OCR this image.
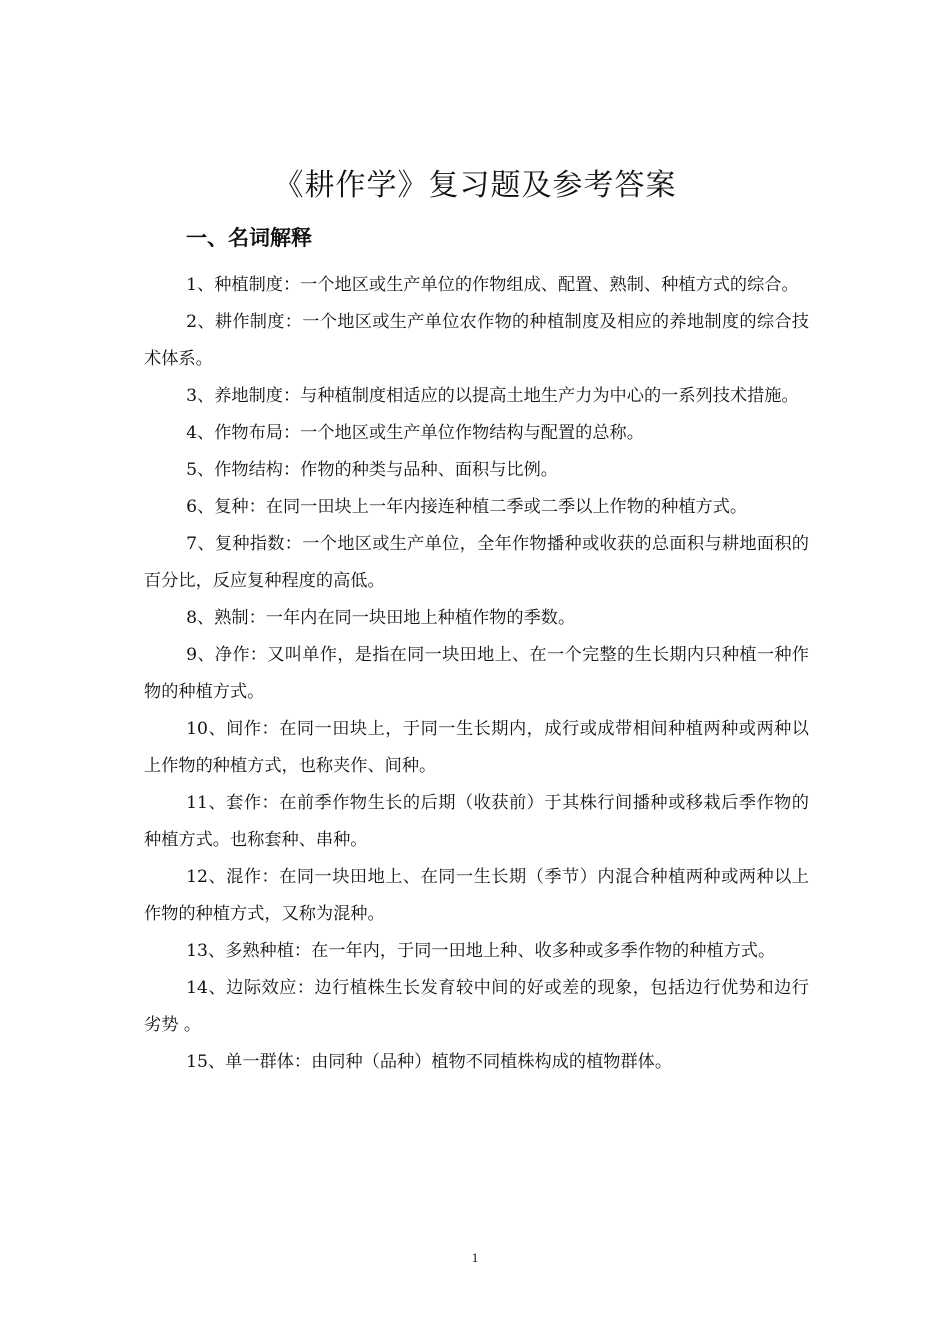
《耕作学》复习题及参考答案
一、名词解释

1、种植制度：一个地区或生产单位的作物组成、配置、熟制、种植方式的综合。

2、耕作制度：一个地区或生产单位农作物的种植制度及相应的养地制度的综合技术体系。

3、养地制度：与种植制度相适应的以提高土地生产力为中心的一系列技术措施。

4、作物布局：一个地区或生产单位作物结构与配置的总称。

5、作物结构：作物的种类与品种、面积与比例。

6、复种：在同一田块上一年内接连种植二季或二季以上作物的种植方式。

7、复种指数：一个地区或生产单位，全年作物播种或收获的总面积与耕地面积的百分比，反应复种程度的高低。

8、熟制：一年内在同一块田地上种植作物的季数。

9、净作：又叫单作，是指在同一块田地上、在一个完整的生长期内只种植一种作物的种植方式。

10、间作：在同一田块上，于同一生长期内，成行或成带相间种植两种或两种以上作物的种植方式，也称夹作、间种。

11、套作：在前季作物生长的后期（收获前）于其株行间播种或移栽后季作物的种植方式。也称套种、串种。

12、混作：在同一块田地上、在同一生长期（季节）内混合种植两种或两种以上作物的种植方式，又称为混种。

13、多熟种植：在一年内，于同一田地上种、收多种或多季作物的种植方式。

14、边际效应：边行植株生长发育较中间的好或差的现象，包括边行优势和边行劣势 。

15、单一群体：由同种（品种）植物不同植株构成的植物群体。

1
